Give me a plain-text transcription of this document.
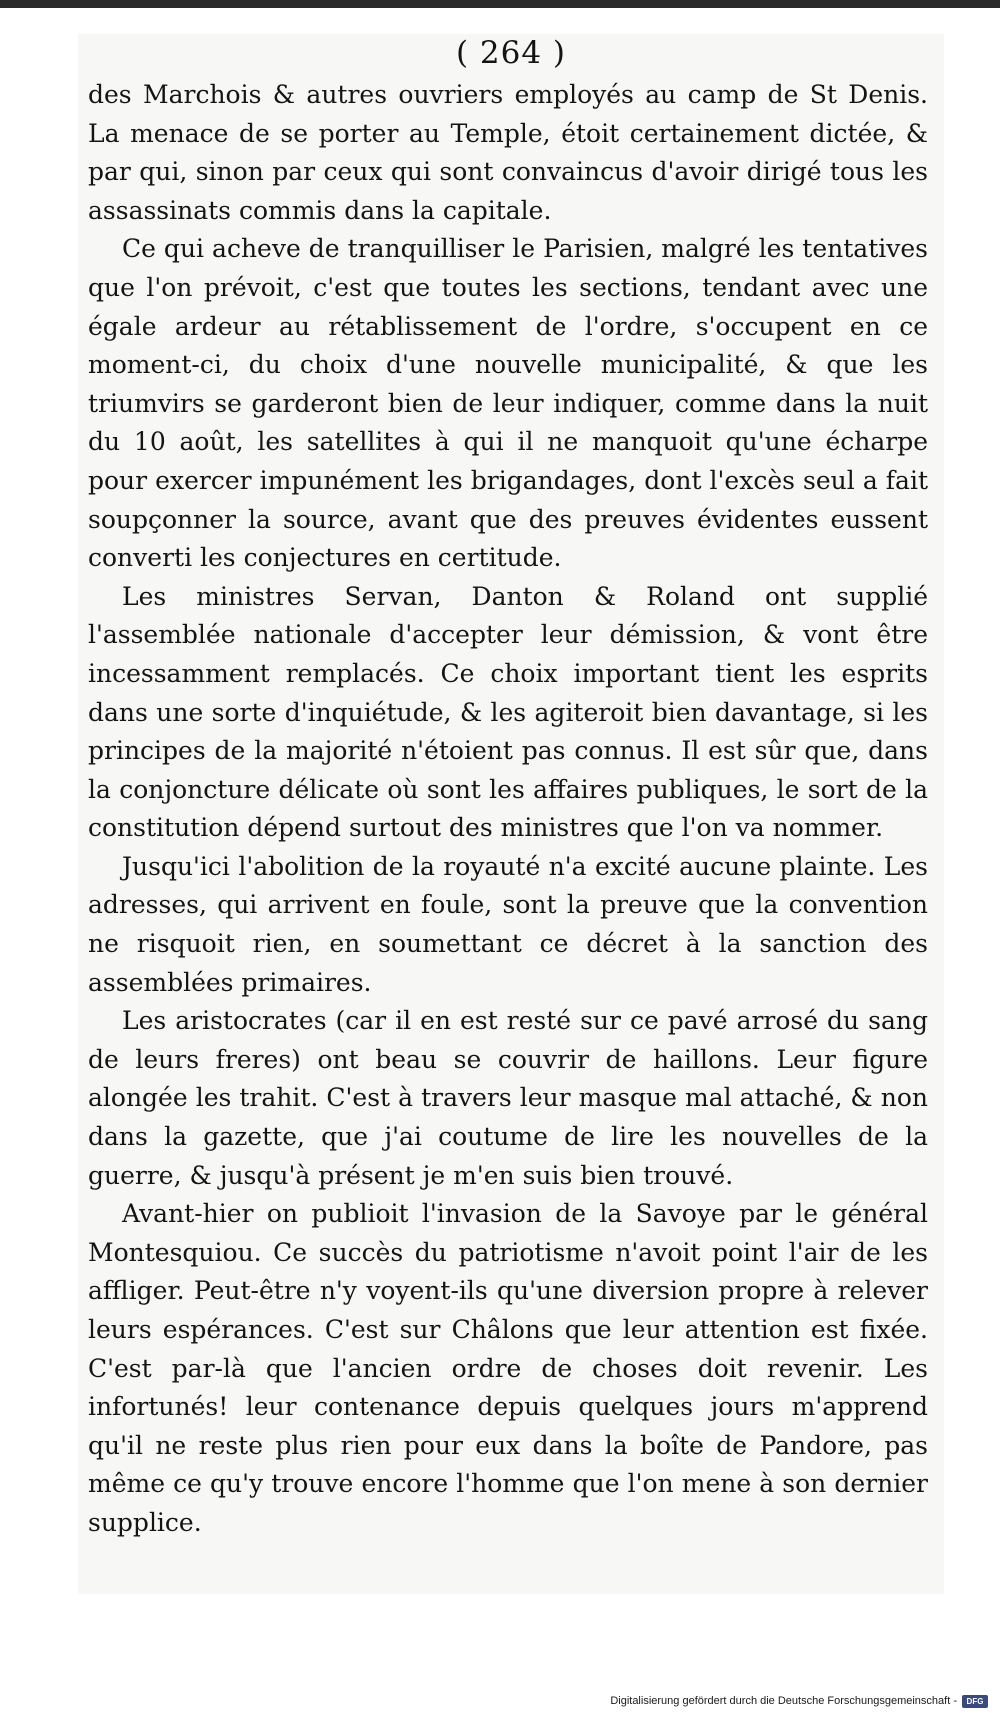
( 264 )

des Marchois & autres ouvriers employés au camp de St Denis. La menace de se porter au Temple, étoit certainement dictée, & par qui, sinon par ceux qui sont convaincus d'avoir dirigé tous les assassinats commis dans la capitale.

Ce qui acheve de tranquilliser le Parisien, malgré les tentatives que l'on prévoit, c'est que toutes les sections, tendant avec une égale ardeur au rétablissement de l'ordre, s'occupent en ce moment-ci, du choix d'une nouvelle municipalité, & que les triumvirs se garderont bien de leur indiquer, comme dans la nuit du 10 août, les satellites à qui il ne manquoit qu'une écharpe pour exercer impunément les brigandages, dont l'excès seul a fait soupçonner la source, avant que des preuves évidentes eussent converti les conjectures en certitude.

Les ministres Servan, Danton & Roland ont supplié l'assemblée nationale d'accepter leur démission, & vont être incessamment remplacés. Ce choix important tient les esprits dans une sorte d'inquiétude, & les agiteroit bien davantage, si les principes de la majorité n'étoient pas connus. Il est sûr que, dans la conjoncture délicate où sont les affaires publiques, le sort de la constitution dépend surtout des ministres que l'on va nommer.

Jusqu'ici l'abolition de la royauté n'a excité aucune plainte. Les adresses, qui arrivent en foule, sont la preuve que la convention ne risquoit rien, en soumettant ce décret à la sanction des assemblées primaires.

Les aristocrates (car il en est resté sur ce pavé arrosé du sang de leurs freres) ont beau se couvrir de haillons. Leur figure alongée les trahit. C'est à travers leur masque mal attaché, & non dans la gazette, que j'ai coutume de lire les nouvelles de la guerre, & jusqu'à présent je m'en suis bien trouvé.

Avant-hier on publioit l'invasion de la Savoye par le général Montesquiou. Ce succès du patriotisme n'avoit point l'air de les affliger. Peut-être n'y voyent-ils qu'une diversion propre à relever leurs espérances. C'est sur Châlons que leur attention est fixée. C'est par-là que l'ancien ordre de choses doit revenir. Les infortunés! leur contenance depuis quelques jours m'apprend qu'il ne reste plus rien pour eux dans la boîte de Pandore, pas même ce qu'y trouve encore l'homme que l'on mene à son dernier supplice.

Digitalisierung gefördert durch die Deutsche Forschungsgemeinschaft -	DFG
